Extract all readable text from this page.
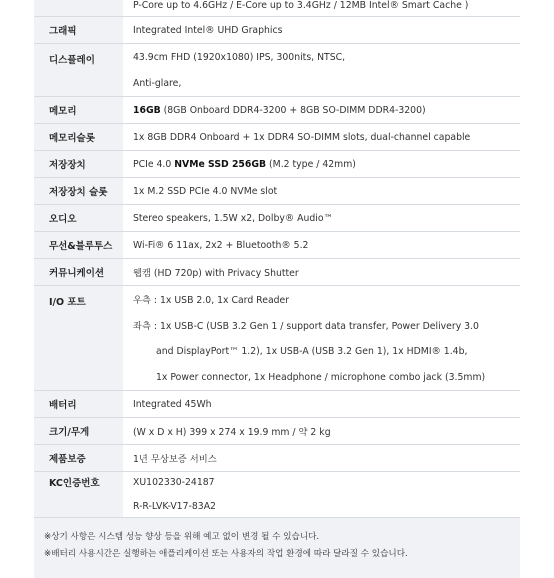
P-Core up to 4.6GHz / E-Core up to 3.4GHz / 12MB Intel® Smart Cache )
그래픽	Integrated Intel® UHD Graphics
디스플레이	43.9cm FHD (1920x1080) IPS, 300nits, NTSC,
Anti-glare,
메모리	16GB (8GB Onboard DDR4-3200 + 8GB SO-DIMM DDR4-3200)
메모리슬롯	1x 8GB DDR4 Onboard + 1x DDR4 SO-DIMM slots, dual-channel capable
저장장치	PCIe 4.0 NVMe SSD 256GB (M.2 type / 42mm)
저장장치 슬롯	1x M.2 SSD PCIe 4.0 NVMe slot
오디오	Stereo speakers, 1.5W x2, Dolby® Audio™
무선&블루투스	Wi-Fi® 6 11ax, 2x2 + Bluetooth® 5.2
커뮤니케이션	웹캠 (HD 720p) with Privacy Shutter
I/O 포트	우측 : 1x USB 2.0, 1x Card Reader
좌측 : 1x USB-C (USB 3.2 Gen 1 / support data transfer, Power Delivery 3.0
and DisplayPort™ 1.2), 1x USB-A (USB 3.2 Gen 1), 1x HDMI® 1.4b,
1x Power connector, 1x Headphone / microphone combo jack (3.5mm)
배터리	Integrated 45Wh
크기/무게	(W x D x H) 399 x 274 x 19.9 mm / 약 2 kg
제품보증	1년 무상보증 서비스
KC인증번호	XU102330-24187
R-R-LVK-V17-83A2
※상기 사항은 시스템 성능 향상 등을 위해 예고 없이 변경 될 수 있습니다.
※배터리 사용시간은 실행하는 애플리케이션 또는 사용자의 작업 환경에 따라 달라질 수 있습니다.
